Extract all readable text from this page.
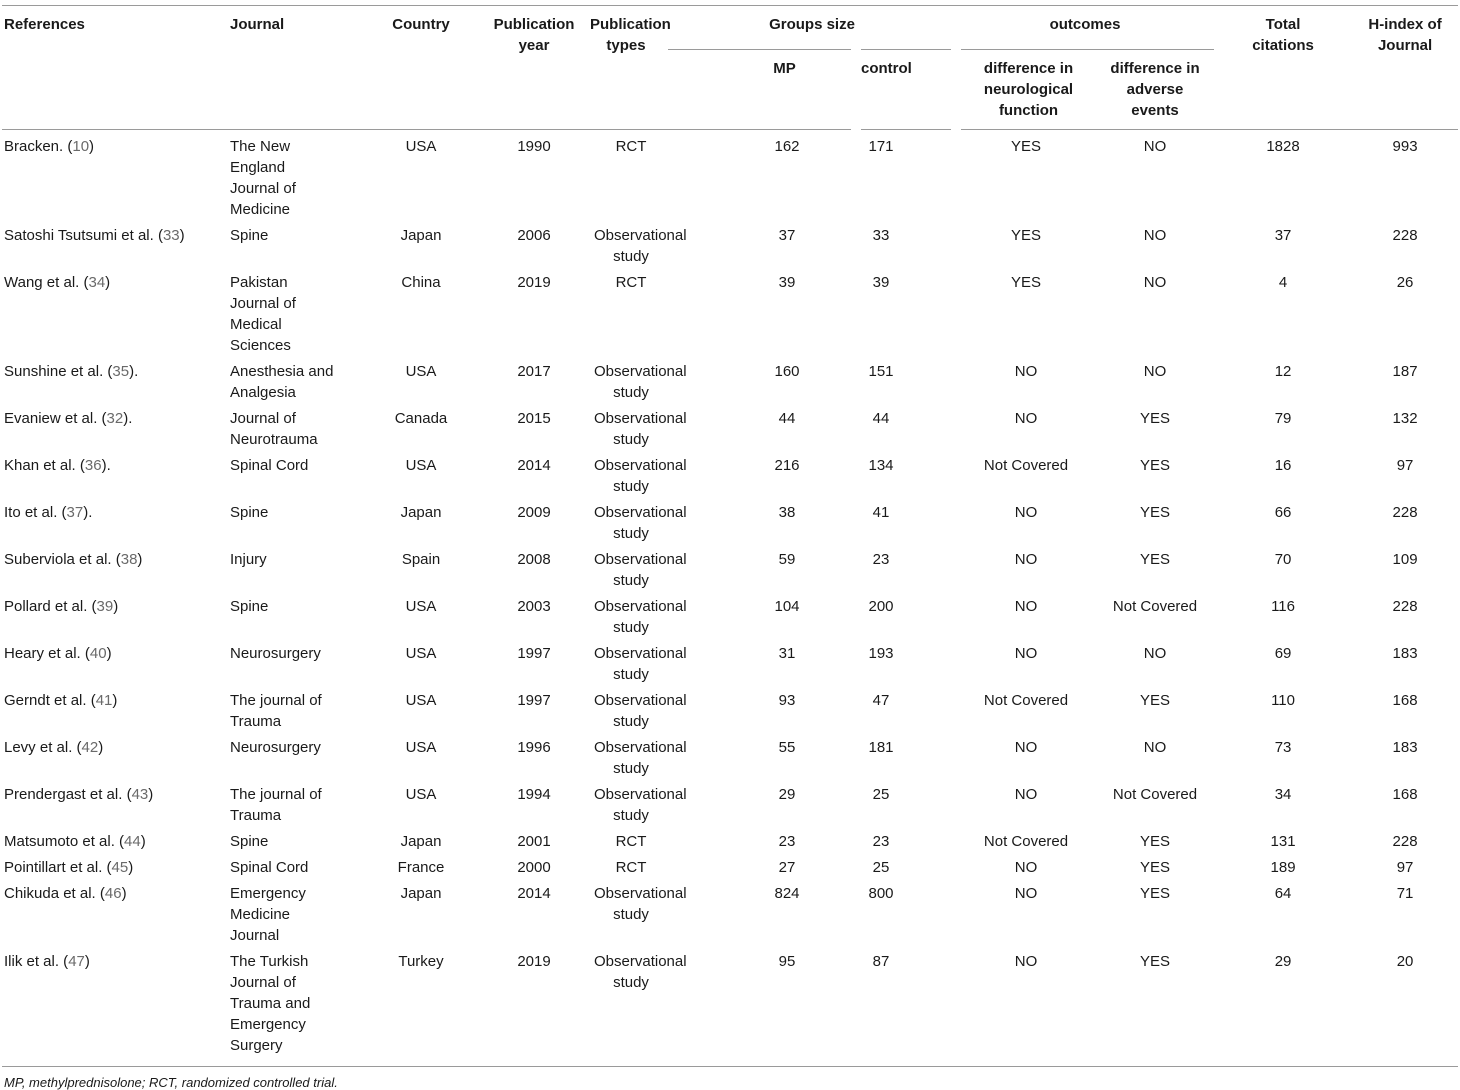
References	Journal	Country	Publication year	Publication types	Groups size		outcomes		Total citations	H-index of Journal

					MP	control	difference in neurological function	difference in adverse events		

Bracken. (10)	The New England Journal of Medicine	USA	1990	RCT	162	171	YES	NO	1828	993

Satoshi Tsutsumi et al. (33)	Spine	Japan	2006	Observational study	37	33	YES	NO	37	228

Wang et al. (34)	Pakistan Journal of Medical Sciences	China	2019	RCT	39	39	YES	NO	4	26

Sunshine et al. (35).	Anesthesia and Analgesia	USA	2017	Observational study	160	151	NO	NO	12	187

Evaniew et al. (32).	Journal of Neurotrauma	Canada	2015	Observational study	44	44	NO	YES	79	132

Khan et al. (36).	Spinal Cord	USA	2014	Observational study	216	134	Not Covered	YES	16	97

Ito et al. (37).	Spine	Japan	2009	Observational study	38	41	NO	YES	66	228

Suberviola et al. (38)	Injury	Spain	2008	Observational study	59	23	NO	YES	70	109

Pollard et al. (39)	Spine	USA	2003	Observational study	104	200	NO	Not Covered	116	228

Heary et al. (40)	Neurosurgery	USA	1997	Observational study	31	193	NO	NO	69	183

Gerndt et al. (41)	The journal of Trauma	USA	1997	Observational study	93	47	Not Covered	YES	110	168

Levy et al. (42)	Neurosurgery	USA	1996	Observational study	55	181	NO	NO	73	183

Prendergast et al. (43)	The journal of Trauma	USA	1994	Observational study	29	25	NO	Not Covered	34	168

Matsumoto et al. (44)	Spine	Japan	2001	RCT	23	23	Not Covered	YES	131	228

Pointillart et al. (45)	Spinal Cord	France	2000	RCT	27	25	NO	YES	189	97

Chikuda et al. (46)	Emergency Medicine Journal	Japan	2014	Observational study	824	800	NO	YES	64	71

Ilik et al. (47)	The Turkish Journal of Trauma and Emergency Surgery	Turkey	2019	Observational study	95	87	NO	YES	29	20
MP, methylprednisolone; RCT, randomized controlled trial.
